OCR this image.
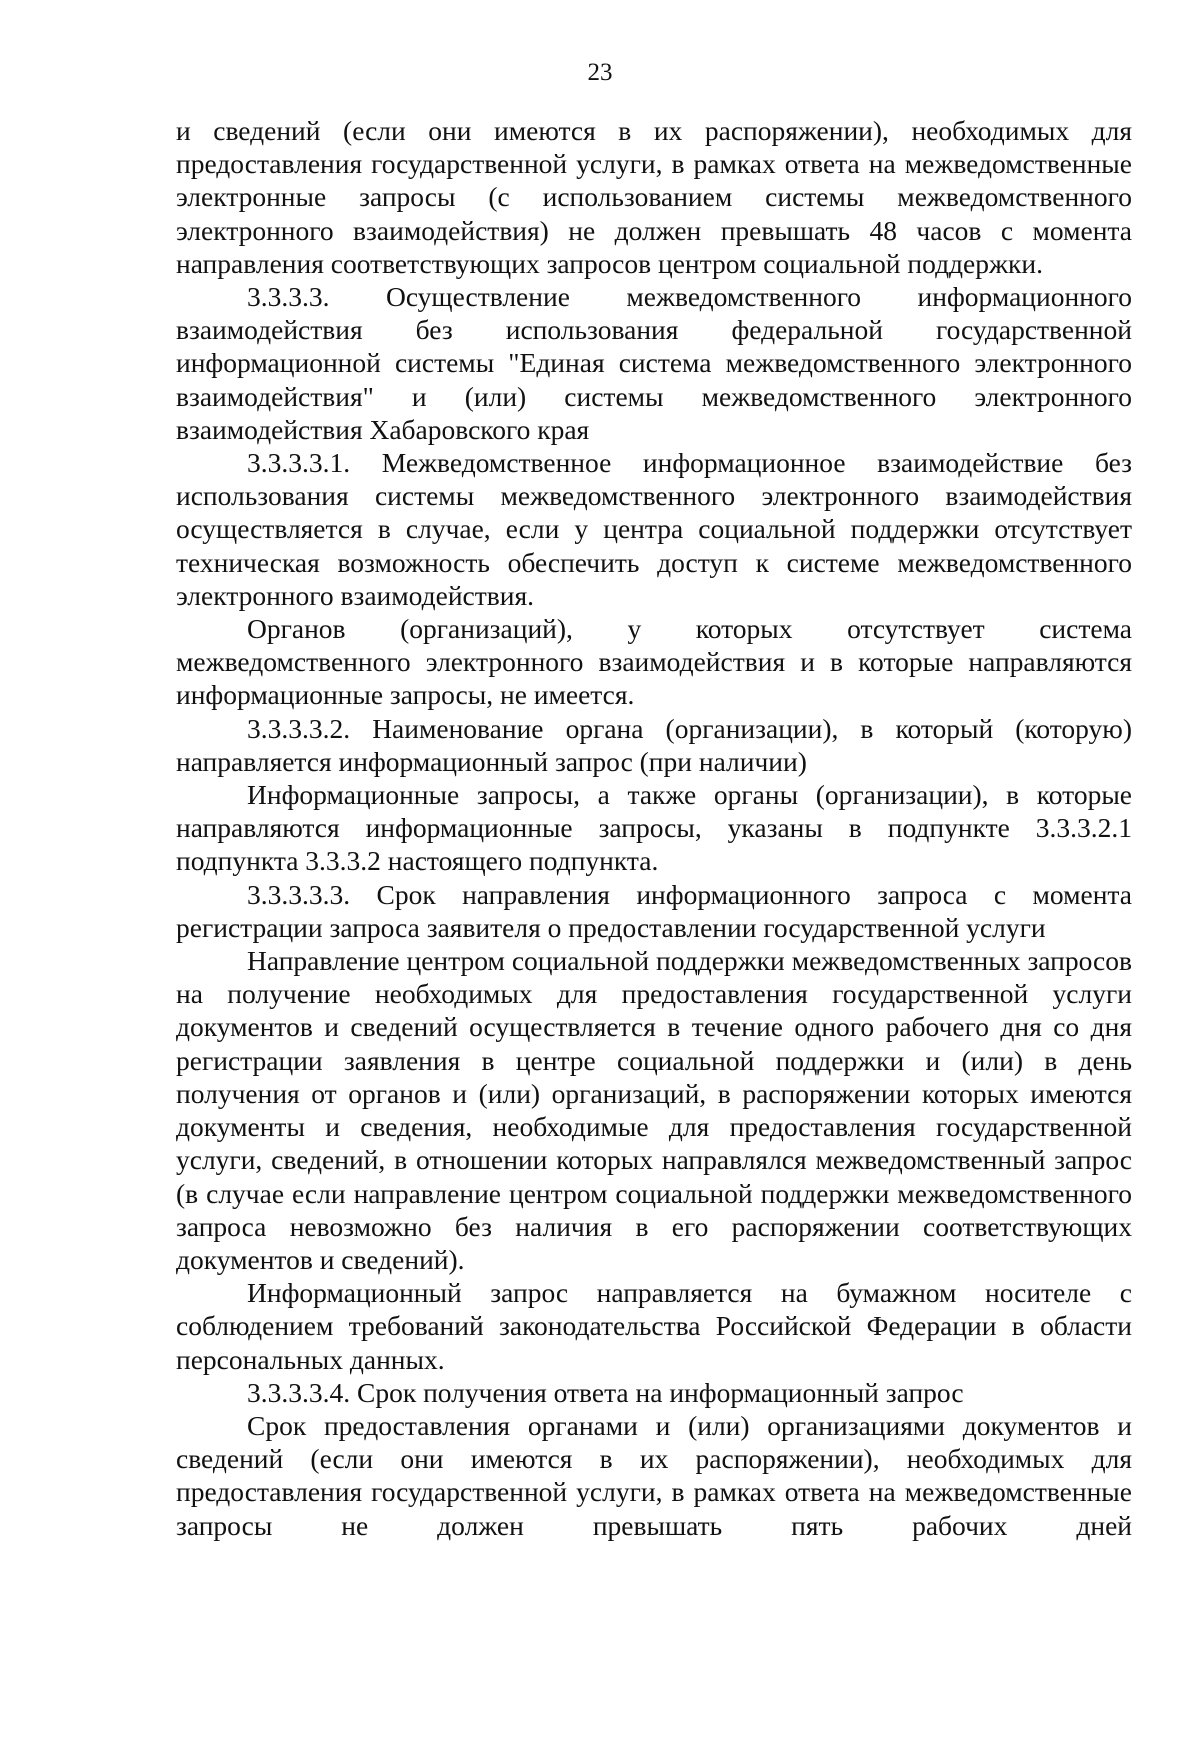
23

и сведений (если они имеются в их распоряжении), необходимых для предоставления государственной услуги, в рамках ответа на межведомственные электронные запросы (с использованием системы межведомственного электронного взаимодействия) не должен превышать 48 часов с момента направления соответствующих запросов центром социальной поддержки.

3.3.3.3. Осуществление межведомственного информационного взаимодействия без использования федеральной государственной информационной системы "Единая система межведомственного электронного взаимодействия" и (или) системы межведомственного электронного взаимодействия Хабаровского края

3.3.3.3.1. Межведомственное информационное взаимодействие без использования системы межведомственного электронного взаимодействия осуществляется в случае, если у центра социальной поддержки отсутствует техническая возможность обеспечить доступ к системе межведомственного электронного взаимодействия.

Органов (организаций), у которых отсутствует система межведомственного электронного взаимодействия и в которые направляются информационные запросы, не имеется.

3.3.3.3.2. Наименование органа (организации), в который (которую) направляется информационный запрос (при наличии)

Информационные запросы, а также органы (организации), в которые направляются информационные запросы, указаны в подпункте 3.3.3.2.1 подпункта 3.3.3.2 настоящего подпункта.

3.3.3.3.3. Срок направления информационного запроса с момента регистрации запроса заявителя о предоставлении государственной услуги

Направление центром социальной поддержки межведомственных запросов на получение необходимых для предоставления государственной услуги документов и сведений осуществляется в течение одного рабочего дня со дня регистрации заявления в центре социальной поддержки и (или) в день получения от органов и (или) организаций, в распоряжении которых имеются документы и сведения, необходимые для предоставления государственной услуги, сведений, в отношении которых направлялся межведомственный запрос (в случае если направление центром социальной поддержки межведомственного запроса невозможно без наличия в его распоряжении соответствующих документов и сведений).

Информационный запрос направляется на бумажном носителе с соблюдением требований законодательства Российской Федерации в области персональных данных.

3.3.3.3.4. Срок получения ответа на информационный запрос

Срок предоставления органами и (или) организациями документов и сведений (если они имеются в их распоряжении), необходимых для предоставления государственной услуги, в рамках ответа на межведомственные запросы не должен превышать пять рабочих дней
